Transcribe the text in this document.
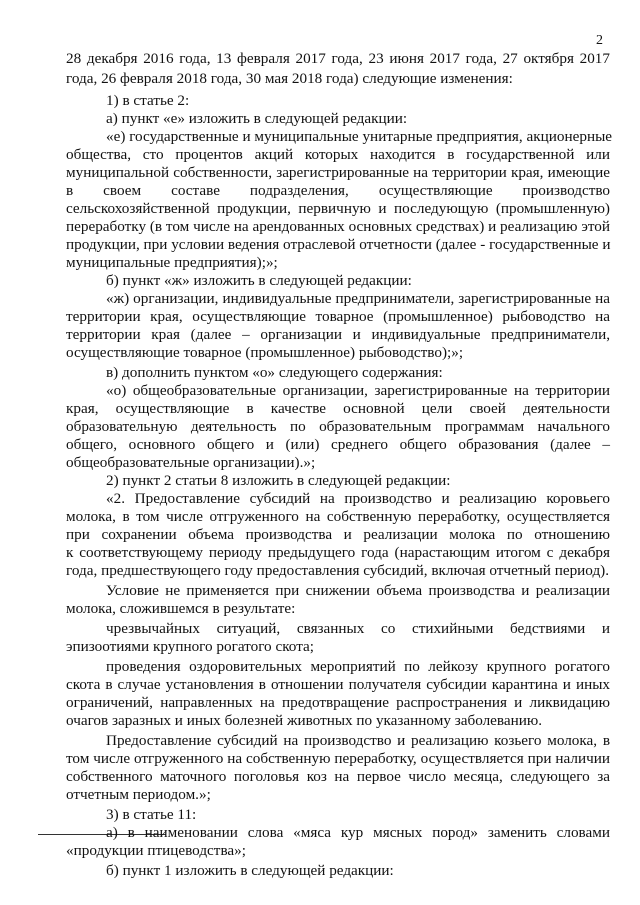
2
28 декабря 2016 года, 13 февраля 2017 года, 23 июня 2017 года, 27 октября 2017
года, 26 февраля 2018 года, 30 мая 2018 года) следующие изменения:
1) в статье 2:
а) пункт «е» изложить в следующей редакции:
«е) государственные и муниципальные унитарные предприятия, акционерные
общества, сто процентов акций которых находится в государственной или
муниципальной собственности, зарегистрированные на территории края, имеющие
в своем составе подразделения, осуществляющие производство
сельскохозяйственной продукции, первичную и последующую (промышленную)
переработку (в том числе на арендованных основных средствах) и реализацию этой
продукции, при условии ведения отраслевой отчетности (далее - государственные и
муниципальные предприятия);»;
б) пункт «ж» изложить в следующей редакции:
«ж) организации, индивидуальные предприниматели, зарегистрированные на
территории края, осуществляющие товарное (промышленное) рыбоводство на
территории края (далее – организации и индивидуальные предприниматели,
осуществляющие товарное (промышленное) рыбоводство);»;
в) дополнить пунктом «о» следующего содержания:
«о) общеобразовательные организации, зарегистрированные на территории
края, осуществляющие в качестве основной цели своей деятельности
образовательную деятельность по образовательным программам начального
общего, основного общего и (или) среднего общего образования (далее –
общеобразовательные организации).»;
2) пункт 2 статьи 8 изложить в следующей редакции:
«2. Предоставление субсидий на производство и реализацию коровьего
молока, в том числе отгруженного на собственную переработку, осуществляется
при сохранении объема производства и реализации молока по отношению
к соответствующему периоду предыдущего года (нарастающим итогом с декабря
года, предшествующего году предоставления субсидий, включая отчетный период).
Условие не применяется при снижении объема производства и реализации
молока, сложившемся в результате:
чрезвычайных ситуаций, связанных со стихийными бедствиями и
эпизоотиями крупного рогатого скота;
проведения оздоровительных мероприятий по лейкозу крупного рогатого
скота в случае установления в отношении получателя субсидии карантина и иных
ограничений, направленных на предотвращение распространения и ликвидацию
очагов заразных и иных болезней животных по указанному заболеванию.
Предоставление субсидий на производство и реализацию козьего молока, в
том числе отгруженного на собственную переработку, осуществляется при наличии
собственного маточного поголовья коз на первое число месяца, следующего за
отчетным периодом.»;
3) в статье 11:
а) в наименовании слова «мяса кур мясных пород» заменить словами
«продукции птицеводства»;
б) пункт 1 изложить в следующей редакции:
